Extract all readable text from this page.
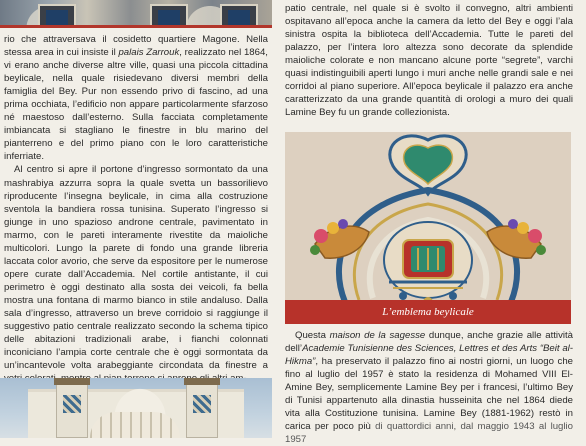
rio che attraversava il cosidetto quartiere Magone. Nella stessa area in cui insiste il palais Zarrouk, realizzato nel 1864, vi erano anche diverse altre ville, quasi una piccola cittadina beylicale, nella quale risiedevano diversi membri della famiglia del Bey. Pur non essendo privo di fascino, ad una prima occhiata, l’edificio non appare particolarmente sfarzoso né maestoso dall’esterno. Sulla facciata completamente imbiancata si stagliano le finestre in blu marino del pianterreno e del primo piano con le loro caratteristiche inferriate.

Al centro si apre il portone d’ingresso sormontato da una mashrabiya azzurra sopra la quale svetta un bassorilievo riproducente l’insegna beylicale, in cima alla costruzione sventola la bandiera rossa tunisina. Superato l’ingresso si giunge in uno spazioso androne centrale, pavimentato in marmo, con le pareti interamente rivestite da maioliche multicolori. Lungo la parete di fondo una grande libreria laccata color avorio, che serve da espositore per le numerose opere curate dall’Accademia. Nel cortile antistante, il cui perimetro è oggi destinato alla sosta dei veicoli, fa bella mostra una fontana di marmo bianco in stile andaluso. Dalla sala d’ingresso, attraverso un breve corridoio si raggiunge il suggestivo patio centrale realizzato secondo la schema tipico delle abitazioni tradizionali arabe, i fianchi colonnati inconiciano l’ampia corte centrale che è oggi sormontata da un’incantevole volta arabeggiante circondata da finestre a

patio centrale, nel quale si è svolto il convegno, altri ambienti ospitavano all’epoca anche la camera da letto del Bey e oggi l’ala sinistra ospita la biblioteca dell’Accademia. Tutte le pareti del palazzo, per l’intera loro altezza sono decorate da splendide maioliche colorate e non mancano alcune porte “segrete”, varchi quasi indistinguibili aperti lungo i muri anche nelle grandi sale e nei corridoi al piano superiore. All’epoca beylicale il palazzo era anche caratterizzato da una grande quantità di orologi a muro dei quali Lamine Bey fu un grande collezionista.

L’emblema beylicale

Questa maison de la sagesse dunque, anche grazie alle attività dell’Academie Tunisienne des Sciences, Lettres et des Arts “Beit al-Hikma”, ha preservato il palazzo fino ai nostri giorni, un luogo che fino al luglio del 1957 è stato la residenza di Mohamed VIII El-Amine Bey, semplicemente Lamine Bey per i francesi, l’ultimo Bey di Tunisi appartenuto alla dinastia husseinita che nel 1864 diede vita alla Costituzione tunisina. Lamine Bey (1881-1962) restò in carica per poco più di quattordici anni, dal maggio 1943 al luglio 1957
